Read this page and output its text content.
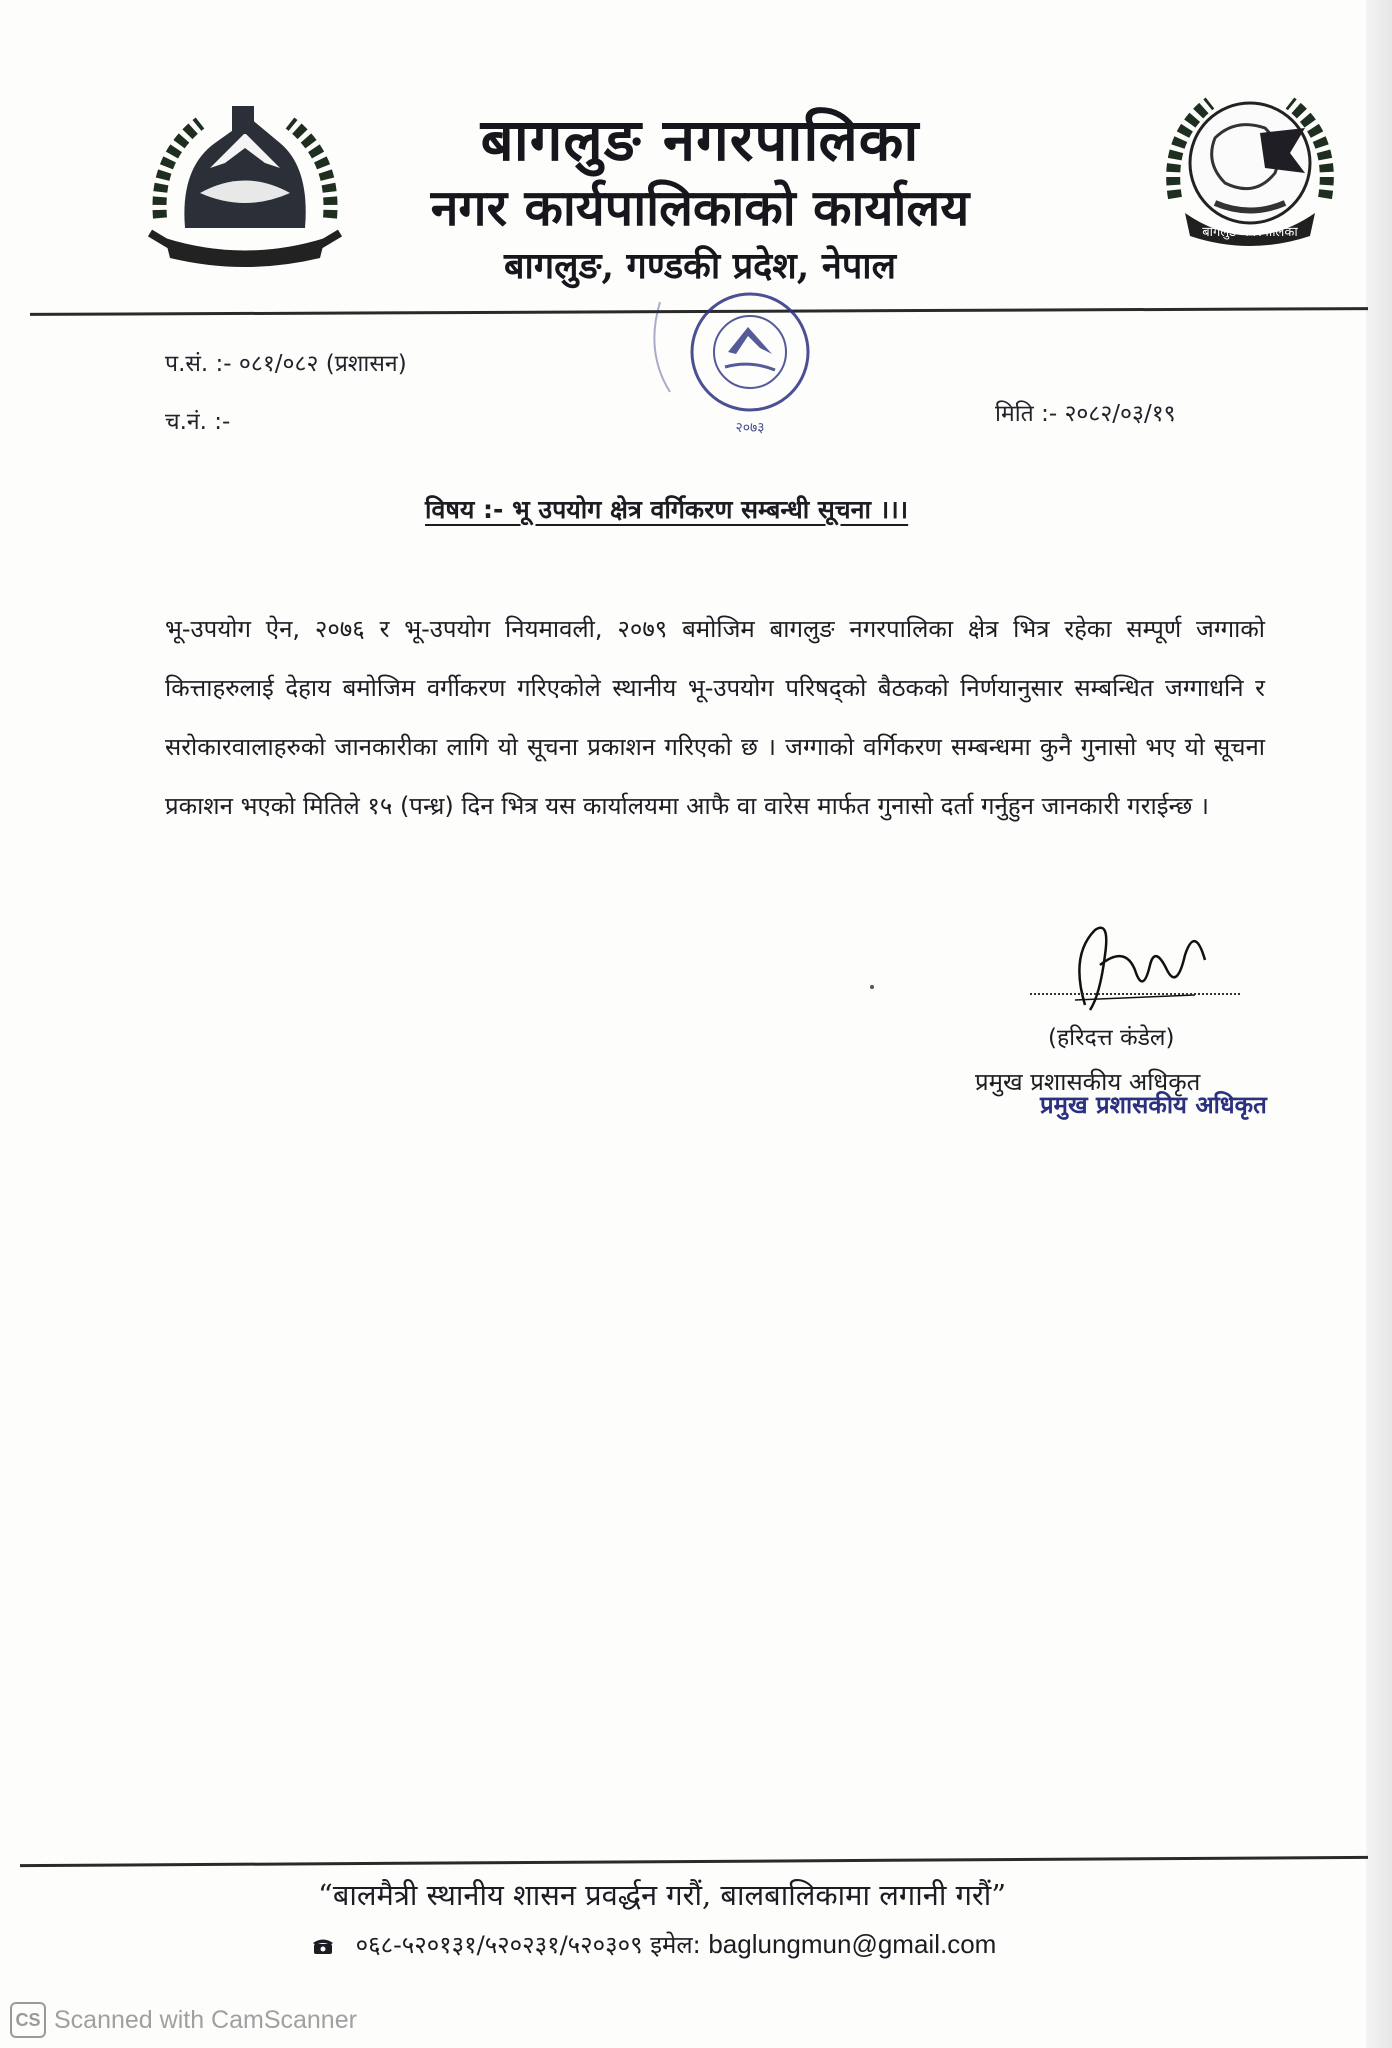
बागलुङ नगरपालिका
नगर कार्यपालिकाको कार्यालय
बागलुङ, गण्डकी प्रदेश, नेपाल
बागलुङ नगरपालिका
२०७३
प.सं. :- ०८१/०८२ (प्रशासन)
च.नं. :-	मिति :- २०८२/०३/१९
विषय :- भू उपयोग क्षेत्र वर्गिकरण सम्बन्धी सूचना ।।।

भू-उपयोग ऐन, २०७६ र भू-उपयोग नियमावली, २०७९ बमोजिम बागलुङ नगरपालिका क्षेत्र भित्र रहेका सम्पूर्ण जग्गाको कित्ताहरुलाई देहाय बमोजिम वर्गीकरण गरिएकोले स्थानीय भू-उपयोग परिषद्को बैठकको निर्णयानुसार सम्बन्धित जग्गाधनि र सरोकारवालाहरुको जानकारीका लागि यो सूचना प्रकाशन गरिएको छ । जग्गाको वर्गिकरण सम्बन्धमा कुनै गुनासो भए यो सूचना प्रकाशन भएको मितिले १५ (पन्ध्र) दिन भित्र यस कार्यालयमा आफै वा वारेस मार्फत गुनासो दर्ता गर्नुहुन जानकारी गराईन्छ ।

(हरिदत्त कंडेल)
प्रमुख प्रशासकीय अधिकृत
प्रमुख प्रशासकीय अधिकृत
“बालमैत्री स्थानीय शासन प्रवर्द्धन गरौं, बालबालिकामा लगानी गरौं”
०६८-५२०१३१/५२०२३१/५२०३०९ इमेल: baglungmun@gmail.com
CS Scanned with CamScanner
